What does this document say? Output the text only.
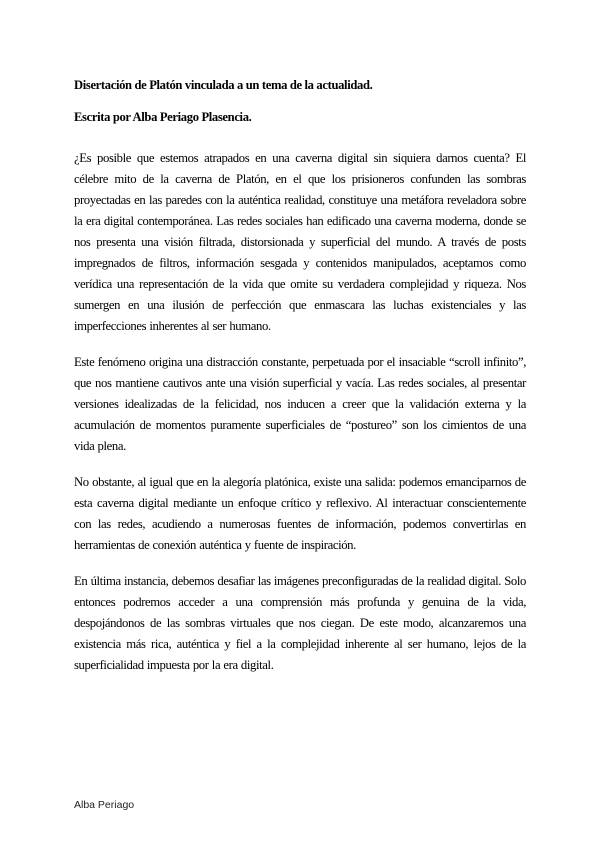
Disertación de Platón vinculada a un tema de la actualidad.
Escrita por Alba Periago Plasencia.

¿Es posible que estemos atrapados en una caverna digital sin siquiera darnos cuenta? El célebre mito de la caverna de Platón, en el que los prisioneros confunden las sombras proyectadas en las paredes con la auténtica realidad, constituye una metáfora reveladora sobre la era digital contemporánea. Las redes sociales han edificado una caverna moderna, donde se nos presenta una visión filtrada, distorsionada y superficial del mundo. A través de posts impregnados de filtros, información sesgada y contenidos manipulados, aceptamos como verídica una representación de la vida que omite su verdadera complejidad y riqueza. Nos sumergen en una ilusión de perfección que enmascara las luchas existenciales y las imperfecciones inherentes al ser humano.

Este fenómeno origina una distracción constante, perpetuada por el insaciable “scroll infinito”, que nos mantiene cautivos ante una visión superficial y vacía. Las redes sociales, al presentar versiones idealizadas de la felicidad, nos inducen a creer que la validación externa y la acumulación de momentos puramente superficiales de “postureo” son los cimientos de una vida plena.

No obstante, al igual que en la alegoría platónica, existe una salida: podemos emanciparnos de esta caverna digital mediante un enfoque crítico y reflexivo. Al interactuar conscientemente con las redes, acudiendo a numerosas fuentes de información, podemos convertirlas en herramientas de conexión auténtica y fuente de inspiración.

En última instancia, debemos desafiar las imágenes preconfiguradas de la realidad digital. Solo entonces podremos acceder a una comprensión más profunda y genuina de la vida, despojándonos de las sombras virtuales que nos ciegan. De este modo, alcanzaremos una existencia más rica, auténtica y fiel a la complejidad inherente al ser humano, lejos de la superficialidad impuesta por la era digital.

Alba Periago
